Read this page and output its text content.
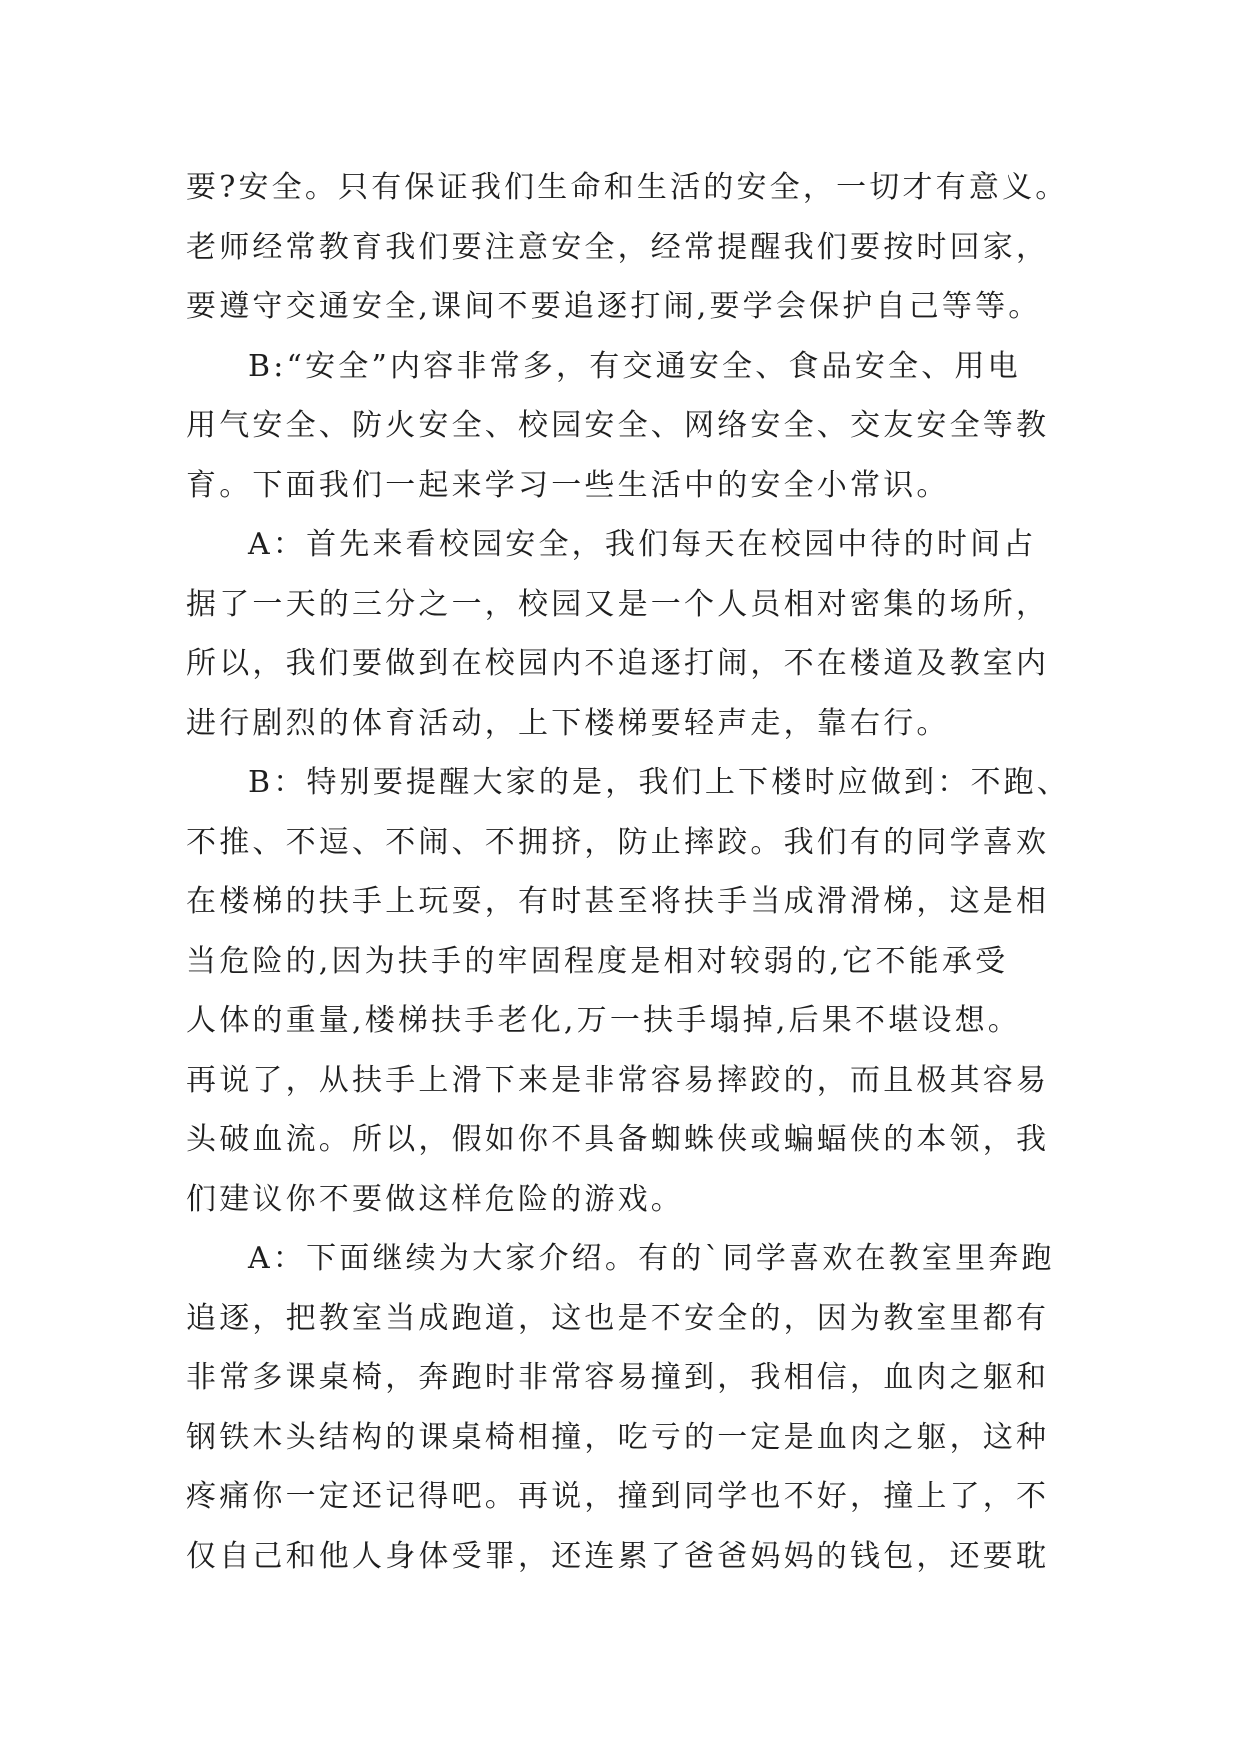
要?安全。只有保证我们生命和生活的安全，一切才有意义。
老师经常教育我们要注意安全，经常提醒我们要按时回家，
要遵守交通安全,课间不要追逐打闹,要学会保护自己等等。
B:“安全”内容非常多，有交通安全、食品安全、用电
用气安全、防火安全、校园安全、网络安全、交友安全等教
育。下面我们一起来学习一些生活中的安全小常识。
A：首先来看校园安全，我们每天在校园中待的时间占
据了一天的三分之一，校园又是一个人员相对密集的场所，
所以，我们要做到在校园内不追逐打闹，不在楼道及教室内
进行剧烈的体育活动，上下楼梯要轻声走，靠右行。
B：特别要提醒大家的是，我们上下楼时应做到：不跑、
不推、不逗、不闹、不拥挤，防止摔跤。我们有的同学喜欢
在楼梯的扶手上玩耍，有时甚至将扶手当成滑滑梯，这是相
当危险的,因为扶手的牢固程度是相对较弱的,它不能承受
人体的重量,楼梯扶手老化,万一扶手塌掉,后果不堪设想。
再说了，从扶手上滑下来是非常容易摔跤的，而且极其容易
头破血流。所以，假如你不具备蜘蛛侠或蝙蝠侠的本领，我
们建议你不要做这样危险的游戏。
A：下面继续为大家介绍。有的`同学喜欢在教室里奔跑
追逐，把教室当成跑道，这也是不安全的，因为教室里都有
非常多课桌椅，奔跑时非常容易撞到，我相信，血肉之躯和
钢铁木头结构的课桌椅相撞，吃亏的一定是血肉之躯，这种
疼痛你一定还记得吧。再说，撞到同学也不好，撞上了，不
仅自己和他人身体受罪，还连累了爸爸妈妈的钱包，还要耽
